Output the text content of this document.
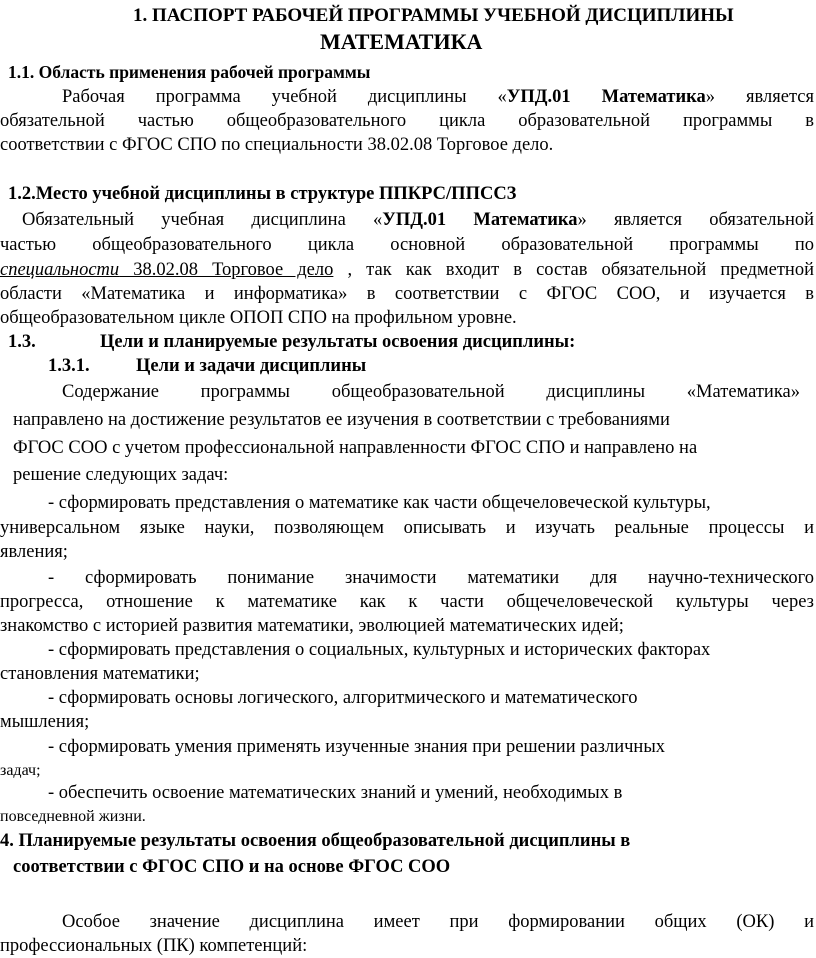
1. ПАСПОРТ РАБОЧЕЙ ПРОГРАММЫ УЧЕБНОЙ ДИСЦИПЛИНЫ
МАТЕМАТИКА
1.1. Область применения рабочей программы
Рабочая программа учебной дисциплины «УПД.01 Математика» является
обязательной частью общеобразовательного цикла образовательной программы в
соответствии с ФГОС СПО по специальности 38.02.08 Торговое дело.
1.2.Место учебной дисциплины в структуре ППКРС/ППССЗ
Обязательный учебная дисциплина «УПД.01 Математика» является обязательной
частью общеобразовательного цикла основной образовательной программы по
специальности 38.02.08 Торговое дело , так как входит в состав обязательной предметной
области «Математика и информатика» в соответствии с ФГОС СОО, и изучается в
общеобразовательном цикле ОПОП СПО на профильном уровне.
1.3.	Цели и планируемые результаты освоения дисциплины:
1.3.1.	Цели и задачи дисциплины
Содержание программы общеобразовательной дисциплины «Математика»
направлено на достижение результатов ее изучения в соответствии с требованиями
ФГОС СОО с учетом профессиональной направленности ФГОС СПО и направлено на
решение следующих задач:
- сформировать представления о математике как части общечеловеческой культуры,
универсальном языке науки, позволяющем описывать и изучать реальные процессы и
явления;
- сформировать понимание значимости математики для научно-технического
прогресса, отношение к математике как к части общечеловеческой культуры через
знакомство с историей развития математики, эволюцией математических идей;
- сформировать представления о социальных, культурных и исторических факторах
становления математики;
- сформировать основы логического, алгоритмического и математического
мышления;
- сформировать умения применять изученные знания при решении различных
задач;
- обеспечить освоение математических знаний и умений, необходимых в
повседневной жизни.
4. Планируемые результаты освоения общеобразовательной дисциплины в
соответствии с ФГОС СПО и на основе ФГОС СОО
Особое значение дисциплина имеет при формировании общих (ОК) и
профессиональных (ПК) компетенций:
